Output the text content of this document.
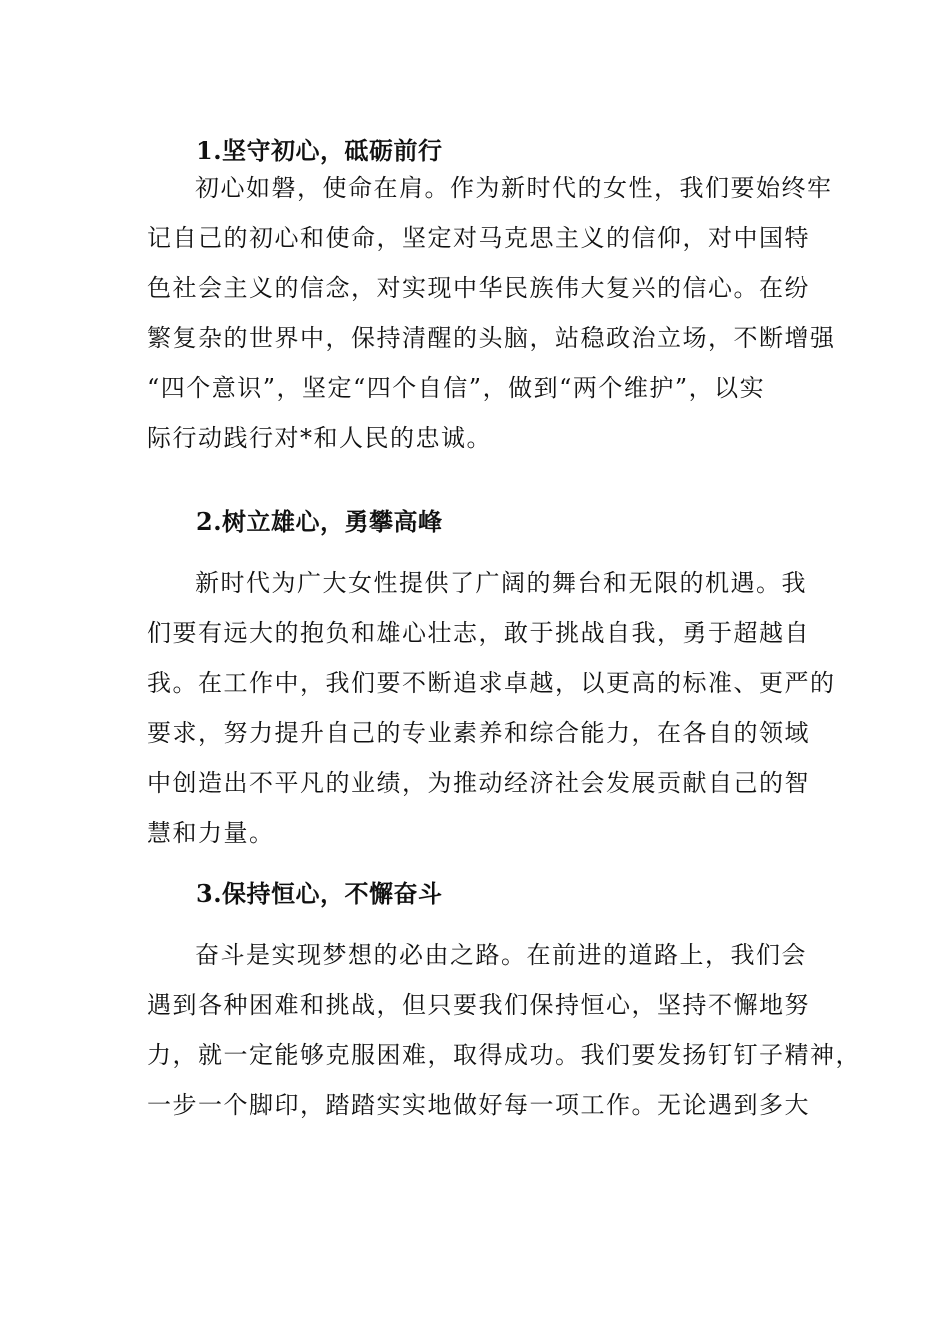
1.坚守初心，砥砺前行
初心如磐，使命在肩。作为新时代的女性，我们要始终牢
记自己的初心和使命，坚定对马克思主义的信仰，对中国特
色社会主义的信念，对实现中华民族伟大复兴的信心。在纷
繁复杂的世界中，保持清醒的头脑，站稳政治立场，不断增强
“四个意识”，坚定“四个自信”，做到“两个维护”，以实
际行动践行对*和人民的忠诚。
2.树立雄心，勇攀高峰
新时代为广大女性提供了广阔的舞台和无限的机遇。我
们要有远大的抱负和雄心壮志，敢于挑战自我，勇于超越自
我。在工作中，我们要不断追求卓越，以更高的标准、更严的
要求，努力提升自己的专业素养和综合能力，在各自的领域
中创造出不平凡的业绩，为推动经济社会发展贡献自己的智
慧和力量。
3.保持恒心，不懈奋斗
奋斗是实现梦想的必由之路。在前进的道路上，我们会
遇到各种困难和挑战，但只要我们保持恒心，坚持不懈地努
力，就一定能够克服困难，取得成功。我们要发扬钉钉子精神，
一步一个脚印，踏踏实实地做好每一项工作。无论遇到多大
